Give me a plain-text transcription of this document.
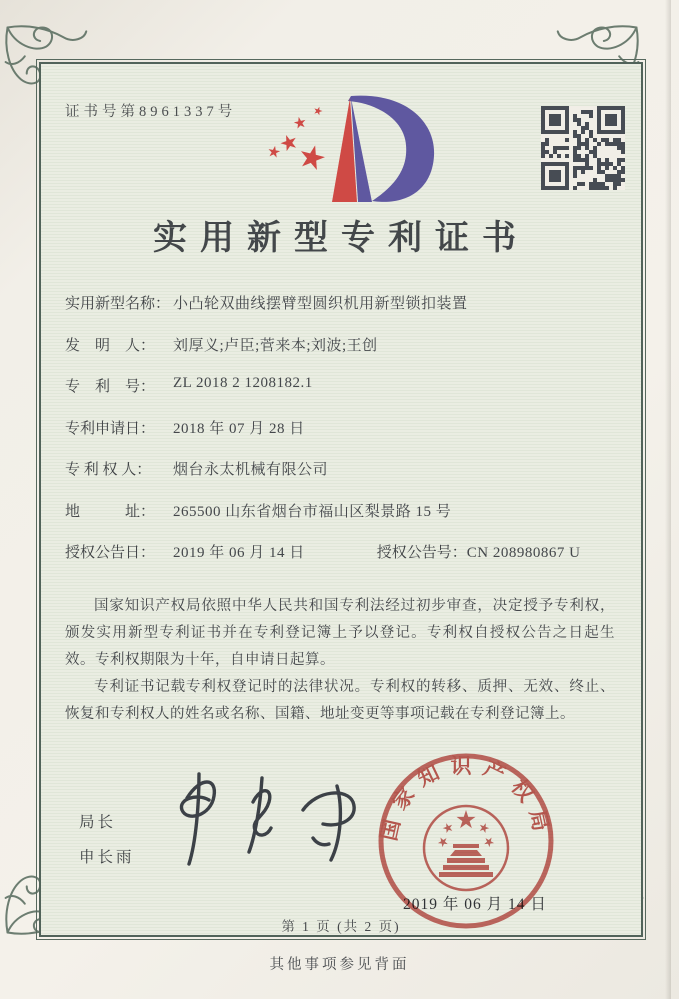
证书号第8961337号
实用新型专利证书
实用新型名称： 小凸轮双曲线摆臂型圆织机用新型锁扣装置
发　明　人： 刘厚义;卢臣;菅来本;刘波;王创
专　利　号： ZL 2018 2 1208182.1
专利申请日： 2018 年 07 月 28 日
专 利 权 人： 烟台永太机械有限公司
地　　　址： 265500 山东省烟台市福山区梨景路 15 号
授权公告日： 2019 年 06 月 14 日	授权公告号：CN 208980867 U

国家知识产权局依照中华人民共和国专利法经过初步审查，决定授予专利权，颁发实用新型专利证书并在专利登记簿上予以登记。专利权自授权公告之日起生效。专利权期限为十年，自申请日起算。

专利证书记载专利权登记时的法律状况。专利权的转移、质押、无效、终止、恢复和专利权人的姓名或名称、国籍、地址变更等事项记载在专利登记簿上。

局长
申长雨
2019 年 06 月 14 日
国家知识产权局
第 1 页 (共 2 页)
其他事项参见背面
